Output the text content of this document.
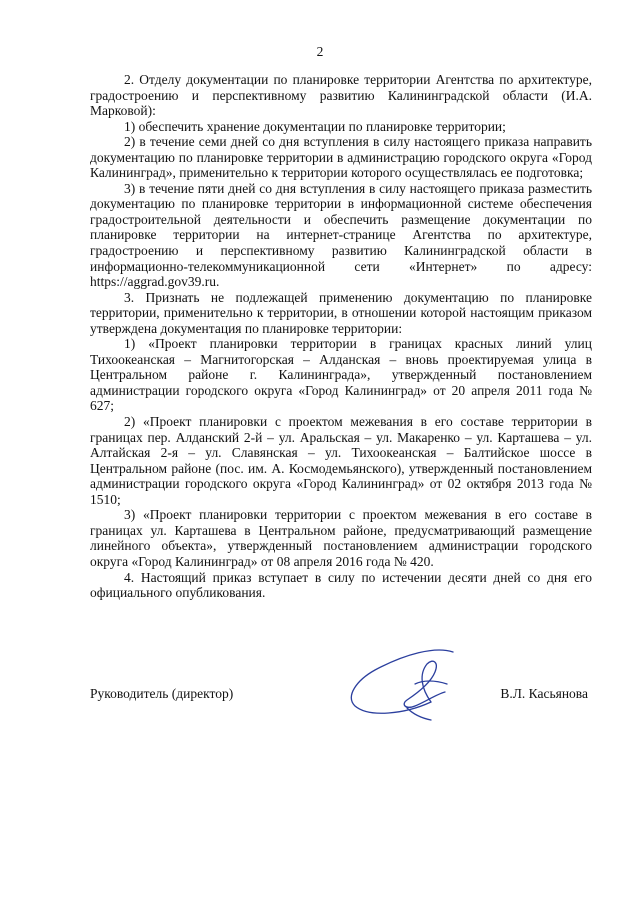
2

2. Отделу документации по планировке территории Агентства по архитектуре, градостроению и перспективному развитию Калининградской области (И.А. Марковой):

1) обеспечить хранение документации по планировке территории;

2) в течение семи дней со дня вступления в силу настоящего приказа направить документацию по планировке территории в администрацию городского округа «Город Калининград», применительно к территории которого осуществлялась ее подготовка;

3) в течение пяти дней со дня вступления в силу настоящего приказа разместить документацию по планировке территории в информационной системе обеспечения градостроительной деятельности и обеспечить размещение документации по планировке территории на интернет-странице Агентства по архитектуре, градостроению и перспективному развитию Калининградской области в информационно-телекоммуникационной сети «Интернет» по адресу: https://aggrad.gov39.ru.

3. Признать не подлежащей применению документацию по планировке территории, применительно к территории, в отношении которой настоящим приказом утверждена документация по планировке территории:

1) «Проект планировки территории в границах красных линий улиц Тихоокеанская – Магнитогорская – Алданская – вновь проектируемая улица в Центральном районе г. Калининграда», утвержденный постановлением администрации городского округа «Город Калининград» от 20 апреля 2011 года № 627;

2) «Проект планировки с проектом межевания в его составе территории в границах пер. Алданский 2-й – ул. Аральская – ул. Макаренко – ул. Карташева – ул. Алтайская 2-я – ул. Славянская – ул. Тихоокеанская – Балтийское шоссе в Центральном районе (пос. им. А. Космодемьянского), утвержденный постановлением администрации городского округа «Город Калининград» от 02 октября 2013 года № 1510;

3) «Проект планировки территории с проектом межевания в его составе в границах ул. Карташева в Центральном районе, предусматривающий размещение линейного объекта», утвержденный постановлением администрации городского округа «Город Калининград» от 08 апреля 2016 года № 420.

4. Настоящий приказ вступает в силу по истечении десяти дней со дня его официального опубликования.

Руководитель (директор)	В.Л. Касьянова
